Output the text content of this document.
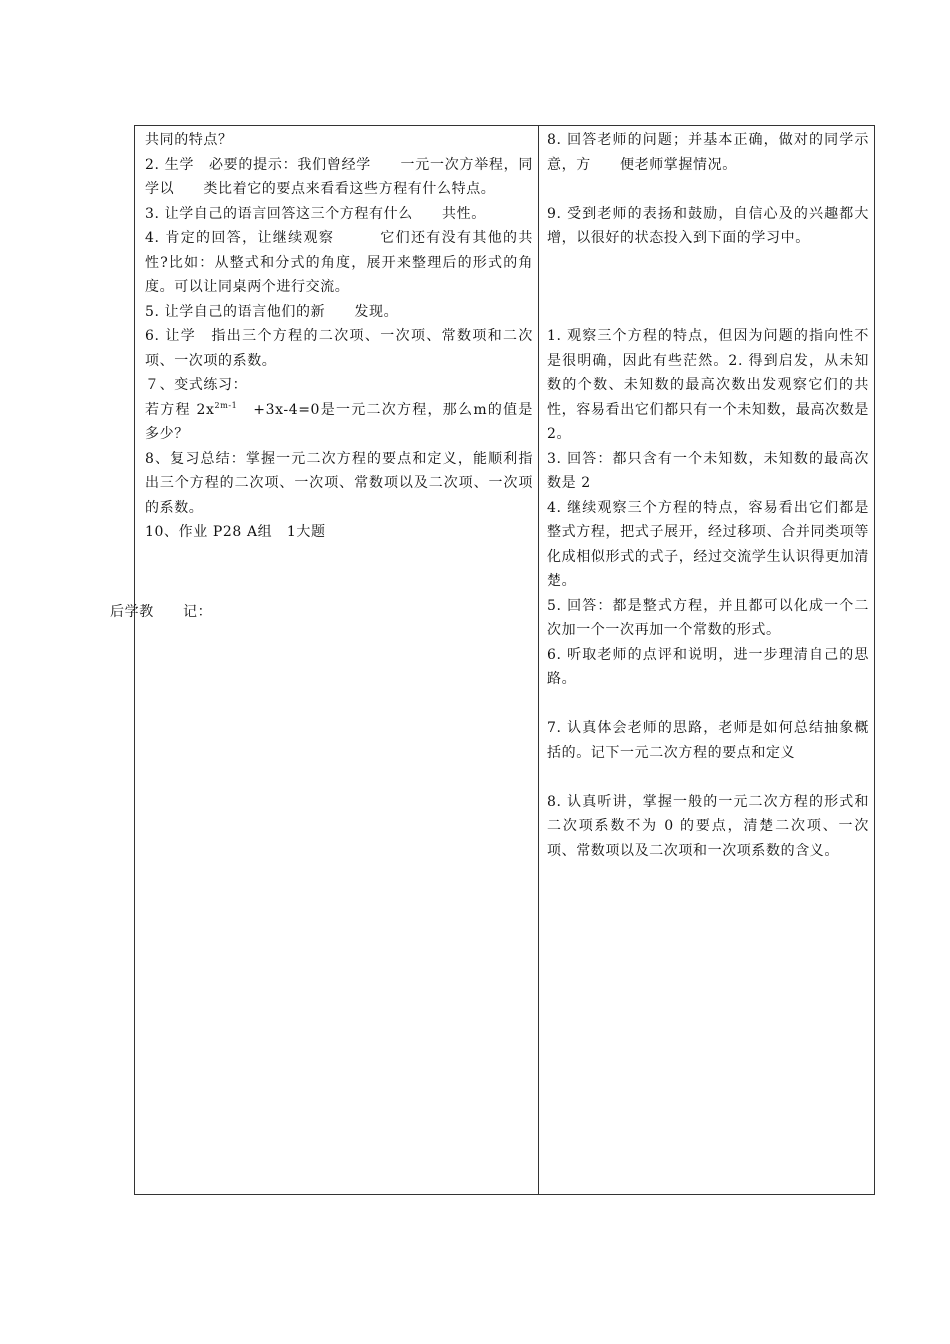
共同的特点？

2. 生学　必要的提示：我们曾经学　　一元一次方举程，同学以　　类比着它的要点来看看这些方程有什么特点。

3. 让学自己的语言回答这三个方程有什么　　共性。

4. 肯定的回答，让继续观察　　　它们还有没有其他的共性?比如：从整式和分式的角度，展开来整理后的形式的角度。可以让同桌两个进行交流。

5. 让学自己的语言他们的新　　发现。

6. 让学　指出三个方程的二次项、一次项、常数项和二次项、一次项的系数。

７、变式练习：

若方程 $2x^{2m-1}$　+3x-4=0是一元二次方程，那么m的值是多少？

8、复习总结：掌握一元二次方程的要点和定义，能顺利指出三个方程的二次项、一次项、常数项以及二次项、一次项的系数。

10、作业 P28 A组　1大题

后学教　　记：

8. 回答老师的问题；并基本正确，做对的同学示意，方　　便老师掌握情况。

9. 受到老师的表扬和鼓励，自信心及的兴趣都大增，以很好的状态投入到下面的学习中。

1. 观察三个方程的特点，但因为问题的指向性不是很明确，因此有些茫然。2. 得到启发，从未知数的个数、未知数的最高次数出发观察它们的共性，容易看出它们都只有一个未知数，最高次数是 2。

3. 回答：都只含有一个未知数，未知数的最高次数是 2

4. 继续观察三个方程的特点，容易看出它们都是整式方程，把式子展开，经过移项、合并同类项等化成相似形式的式子，经过交流学生认识得更加清楚。

5. 回答：都是整式方程，并且都可以化成一个二次加一个一次再加一个常数的形式。

6. 听取老师的点评和说明，进一步理清自己的思路。

7. 认真体会老师的思路，老师是如何总结抽象概括的。记下一元二次方程的要点和定义

8. 认真听讲，掌握一般的一元二次方程的形式和二次项系数不为 0 的要点，清楚二次项、一次项、常数项以及二次项和一次项系数的含义。
